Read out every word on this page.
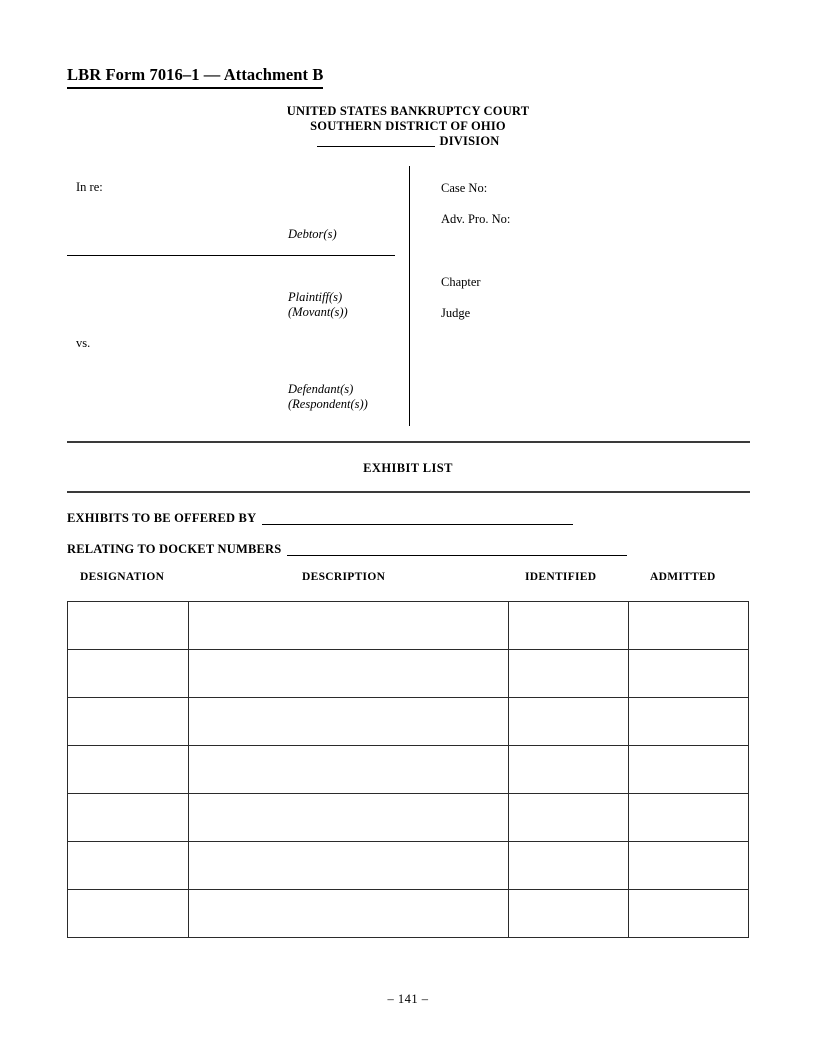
LBR Form 7016–1 — Attachment B
UNITED STATES BANKRUPTCY COURT
SOUTHERN DISTRICT OF OHIO
DIVISION
In re:
Debtor(s)
Plaintiff(s)
(Movant(s))
vs.
Defendant(s)
(Respondent(s))
Case No:
Adv. Pro. No:
Chapter
Judge
EXHIBIT LIST
EXHIBITS TO BE OFFERED BY
RELATING TO DOCKET NUMBERS
DESIGNATION	DESCRIPTION	IDENTIFIED	ADMITTED

– 141 –
